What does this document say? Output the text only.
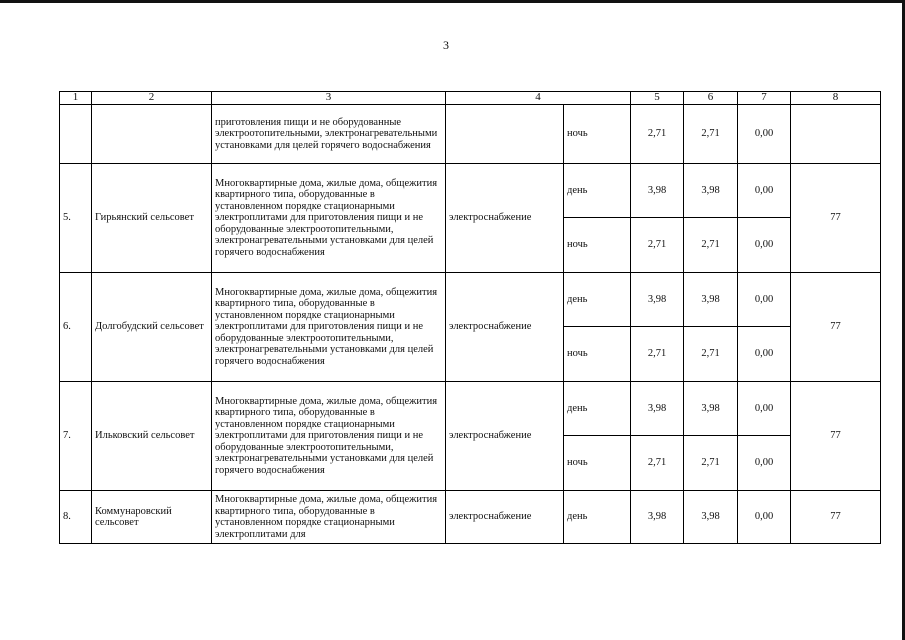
3
1	2	3	4		5	6	7	8
		приготовления пищи и не оборудованные электроотопительными, электронагревательными установками для целей горячего водоснабжения		ночь	2,71	2,71	0,00	
5.	Гирьянский сельсовет	Многоквартирные дома, жилые дома, общежития квартирного типа, оборудованные в установленном порядке стационарными электроплитами для приготовления пищи и не оборудованные электроотопительными, электронагревательными установками для целей горячего водоснабжения	электроснабжение	день	3,98	3,98	0,00	77
				ночь	2,71	2,71	0,00	
6.	Долгобудский сельсовет	Многоквартирные дома, жилые дома, общежития квартирного типа, оборудованные в установленном порядке стационарными электроплитами для приготовления пищи и не оборудованные электроотопительными, электронагревательными установками для целей горячего водоснабжения	электроснабжение	день	3,98	3,98	0,00	77
				ночь	2,71	2,71	0,00	
7.	Ильковский сельсовет	Многоквартирные дома, жилые дома, общежития квартирного типа, оборудованные в установленном порядке стационарными электроплитами для приготовления пищи и не оборудованные электроотопительными, электронагревательными установками для целей горячего водоснабжения	электроснабжение	день	3,98	3,98	0,00	77
				ночь	2,71	2,71	0,00	
8.	Коммунаровский сельсовет	Многоквартирные дома, жилые дома, общежития квартирного типа, оборудованные в установленном порядке стационарными электроплитами для	электроснабжение	день	3,98	3,98	0,00	77
